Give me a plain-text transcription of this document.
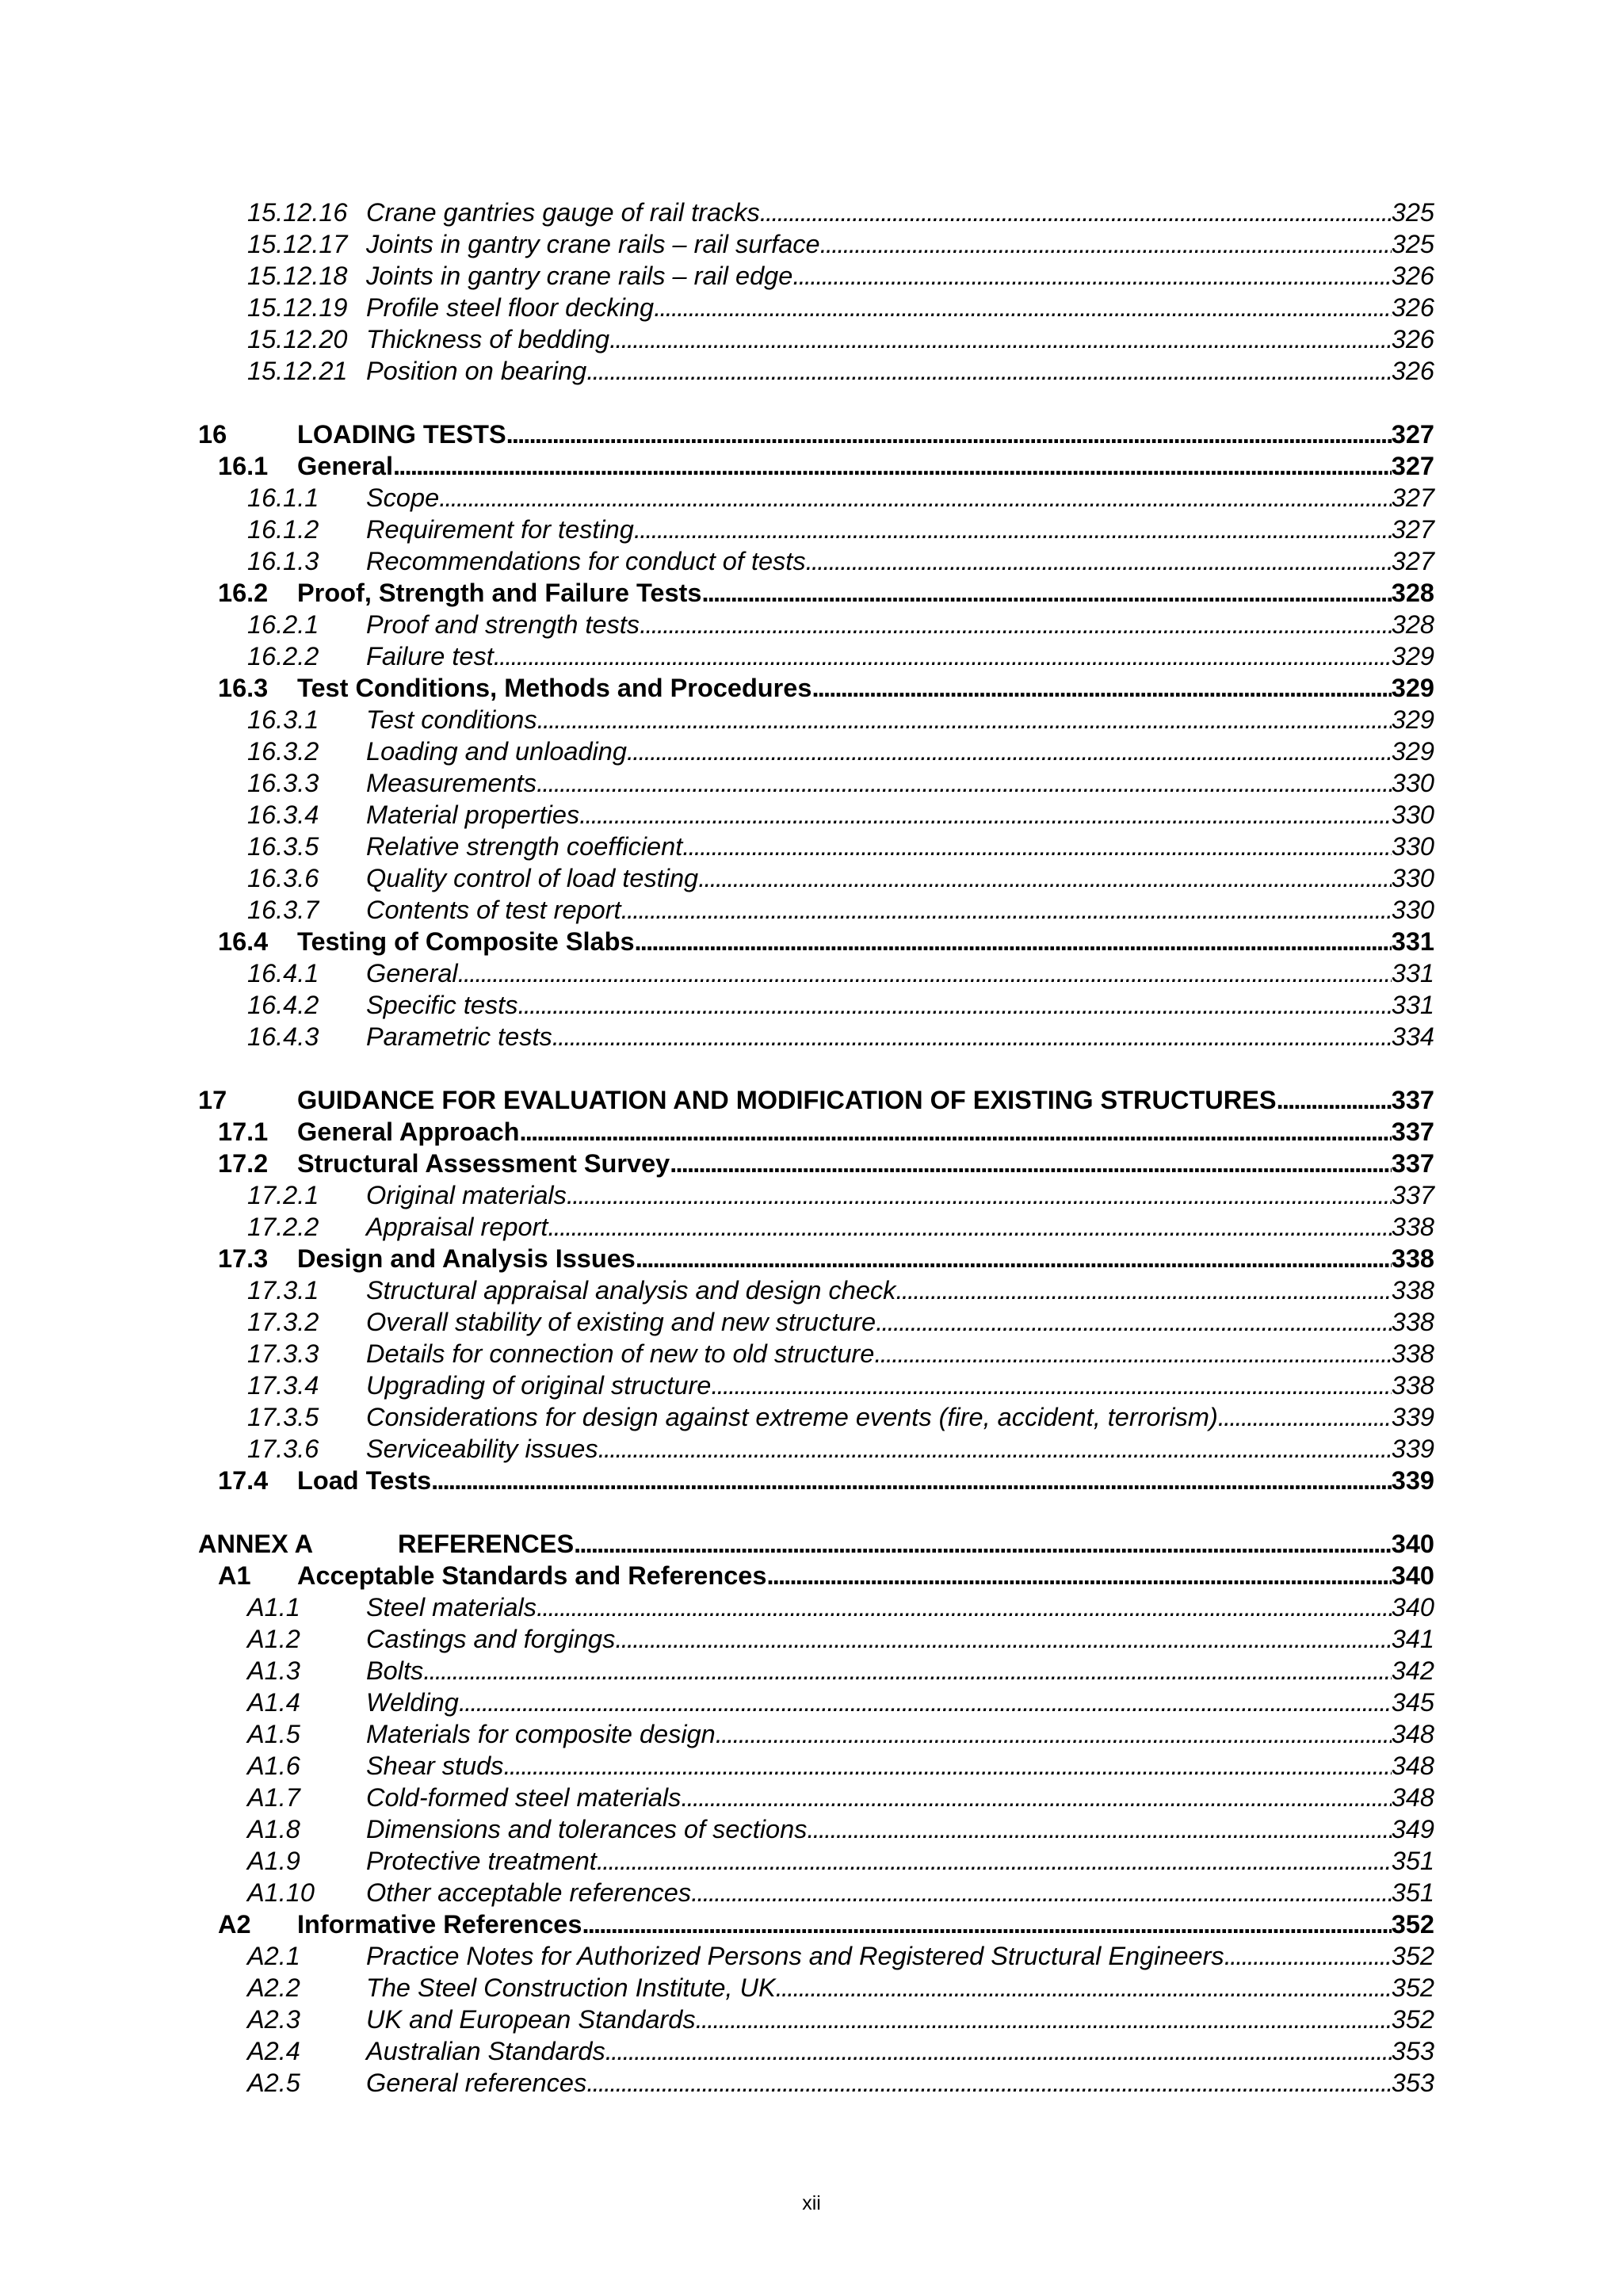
15.12.16 Crane gantries gauge of rail tracks . . .	325
15.12.17 Joints in gantry crane rails – rail surface . . .	325
15.12.18 Joints in gantry crane rails – rail edge . . .	326
15.12.19 Profile steel floor decking . . .	326
15.12.20 Thickness of bedding . . .	326
15.12.21 Position on bearing . . .	326
16	LOADING TESTS . . .	327
16.1 General . . .	327
16.1.1 Scope . . .	327
16.1.2 Requirement for testing . . .	327
16.1.3 Recommendations for conduct of tests . . .	327
16.2 Proof, Strength and Failure Tests . . .	328
16.2.1 Proof and strength tests . . .	328
16.2.2 Failure test . . .	329
16.3 Test Conditions, Methods and Procedures . . .	329
16.3.1 Test conditions . . .	329
16.3.2 Loading and unloading . . .	329
16.3.3 Measurements . . .	330
16.3.4 Material properties . . .	330
16.3.5 Relative strength coefficient . . .	330
16.3.6 Quality control of load testing . . .	330
16.3.7 Contents of test report . . .	330
16.4 Testing of Composite Slabs . . .	331
16.4.1 General . . .	331
16.4.2 Specific tests . . .	331
16.4.3 Parametric tests . . .	334
17	GUIDANCE FOR EVALUATION AND MODIFICATION OF EXISTING STRUCTURES . . .	337
17.1 General Approach . . .	337
17.2 Structural Assessment Survey . . .	337
17.2.1 Original materials . . .	337
17.2.2 Appraisal report . . .	338
17.3 Design and Analysis Issues . . .	338
17.3.1 Structural appraisal analysis and design check . . .	338
17.3.2 Overall stability of existing and new structure . . .	338
17.3.3 Details for connection of new to old structure . . .	338
17.3.4 Upgrading of original structure . . .	338
17.3.5 Considerations for design against extreme events (fire, accident, terrorism) . . .	339
17.3.6 Serviceability issues . . .	339
17.4 Load Tests . . .	339
ANNEX A	REFERENCES . . .	340
A1 Acceptable Standards and References . . .	340
A1.1	Steel materials . . .	340
A1.2	Castings and forgings . . .	341
A1.3	Bolts . . .	342
A1.4	Welding . . .	345
A1.5	Materials for composite design . . .	348
A1.6	Shear studs . . .	348
A1.7	Cold-formed steel materials . . .	348
A1.8	Dimensions and tolerances of sections . . .	349
A1.9	Protective treatment . . .	351
A1.10 Other acceptable references . . .	351
A2 Informative References . . .	352
A2.1	Practice Notes for Authorized Persons and Registered Structural Engineers . . .	352
A2.2	The Steel Construction Institute, UK . . .	352
A2.3	UK and European Standards . . .	352
A2.4	Australian Standards . . .	353
A2.5	General references . . .	353
xii
